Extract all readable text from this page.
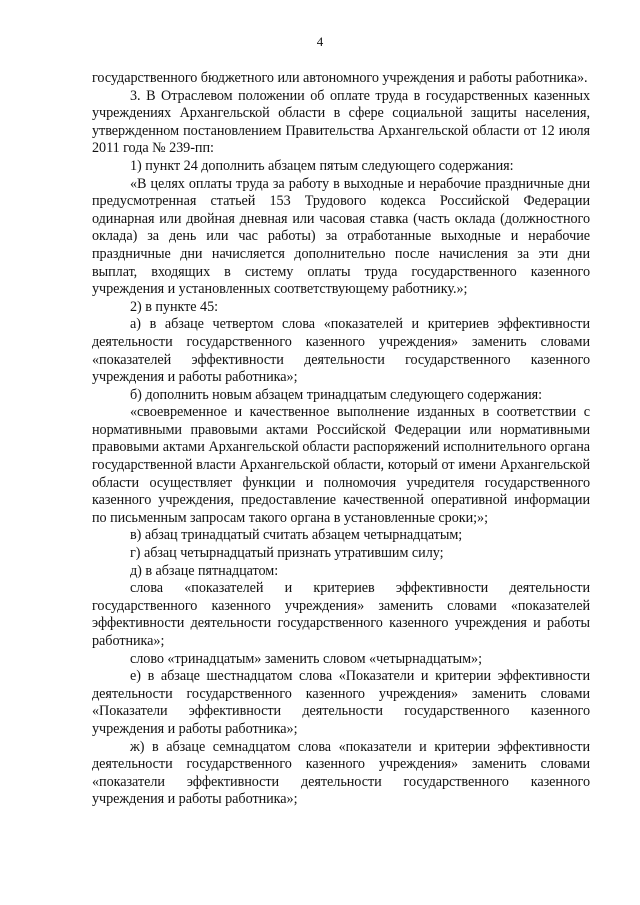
4

государственного бюджетного или автономного учреждения и работы работника».

3. В Отраслевом положении об оплате труда в государственных казенных учреждениях Архангельской области в сфере социальной защиты населения, утвержденном постановлением Правительства Архангельской области от 12 июля 2011 года № 239-пп:

1) пункт 24 дополнить абзацем пятым следующего содержания:

«В целях оплаты труда за работу в выходные и нерабочие праздничные дни предусмотренная статьей 153 Трудового кодекса Российской Федерации одинарная или двойная дневная или часовая ставка (часть оклада (должностного оклада) за день или час работы) за отработанные выходные и нерабочие праздничные дни начисляется дополнительно после начисления за эти дни выплат, входящих в систему оплаты труда государственного казенного учреждения и установленных соответствующему работнику.»;

2) в пункте 45:

а) в абзаце четвертом слова «показателей и критериев эффективности деятельности государственного казенного учреждения» заменить словами «показателей эффективности деятельности государственного казенного учреждения и работы работника»;

б) дополнить новым абзацем тринадцатым следующего содержания:

«своевременное и качественное выполнение изданных в соответствии с нормативными правовыми актами Российской Федерации или нормативными правовыми актами Архангельской области распоряжений исполнительного органа государственной власти Архангельской области, который от имени Архангельской области осуществляет функции и полномочия учредителя государственного казенного учреждения, предоставление качественной оперативной информации по письменным запросам такого органа в установленные сроки;»;

в) абзац тринадцатый считать абзацем четырнадцатым;

г) абзац четырнадцатый признать утратившим силу;

д) в абзаце пятнадцатом:

слова «показателей и критериев эффективности деятельности государственного казенного учреждения» заменить словами «показателей эффективности деятельности государственного казенного учреждения и работы работника»;

слово «тринадцатым» заменить словом «четырнадцатым»;

е) в абзаце шестнадцатом слова «Показатели и критерии эффективности деятельности государственного казенного учреждения» заменить словами «Показатели эффективности деятельности государственного казенного учреждения и работы работника»;

ж) в абзаце семнадцатом слова «показатели и критерии эффективности деятельности государственного казенного учреждения» заменить словами «показатели эффективности деятельности государственного казенного учреждения и работы работника»;
